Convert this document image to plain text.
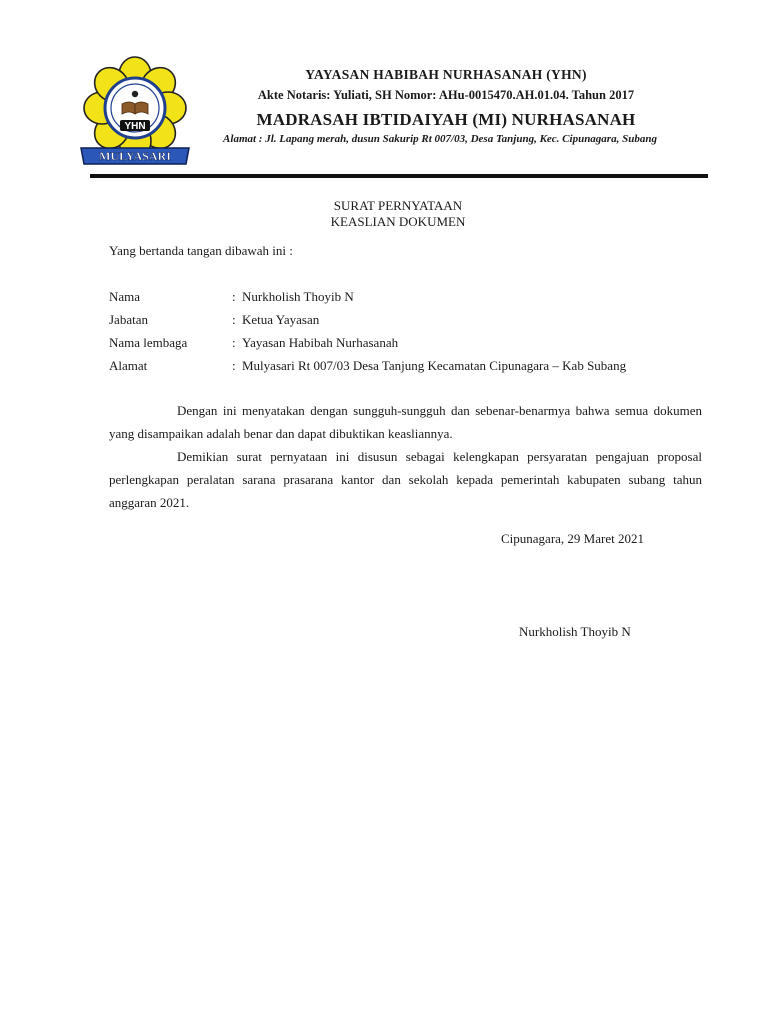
YHN
MULYASARI
YAYASAN HABIBAH NURHASANAH (YHN)
Akte Notaris: Yuliati, SH Nomor: AHu-0015470.AH.01.04. Tahun 2017
MADRASAH IBTIDAIYAH (MI) NURHASANAH
Alamat : Jl. Lapang merah, dusun Sakurip Rt 007/03, Desa Tanjung, Kec. Cipunagara, Subang
SURAT PERNYATAAN
KEASLIAN DOKUMEN
Yang bertanda tangan dibawah ini :
Nama	: Nurkholish Thoyib N
Jabatan	: Ketua Yayasan
Nama lembaga	: Yayasan Habibah Nurhasanah
Alamat	: Mulyasari Rt 007/03 Desa Tanjung Kecamatan Cipunagara – Kab Subang

Dengan ini menyatakan dengan sungguh-sungguh dan sebenar-benarmya bahwa semua dokumen yang disampaikan adalah benar dan dapat dibuktikan keasliannya.

Demikian surat pernyataan ini disusun sebagai kelengkapan persyaratan pengajuan proposal perlengkapan peralatan sarana prasarana kantor dan sekolah kepada pemerintah kabupaten subang tahun anggaran 2021.

Cipunagara, 29 Maret 2021
Nurkholish Thoyib N
